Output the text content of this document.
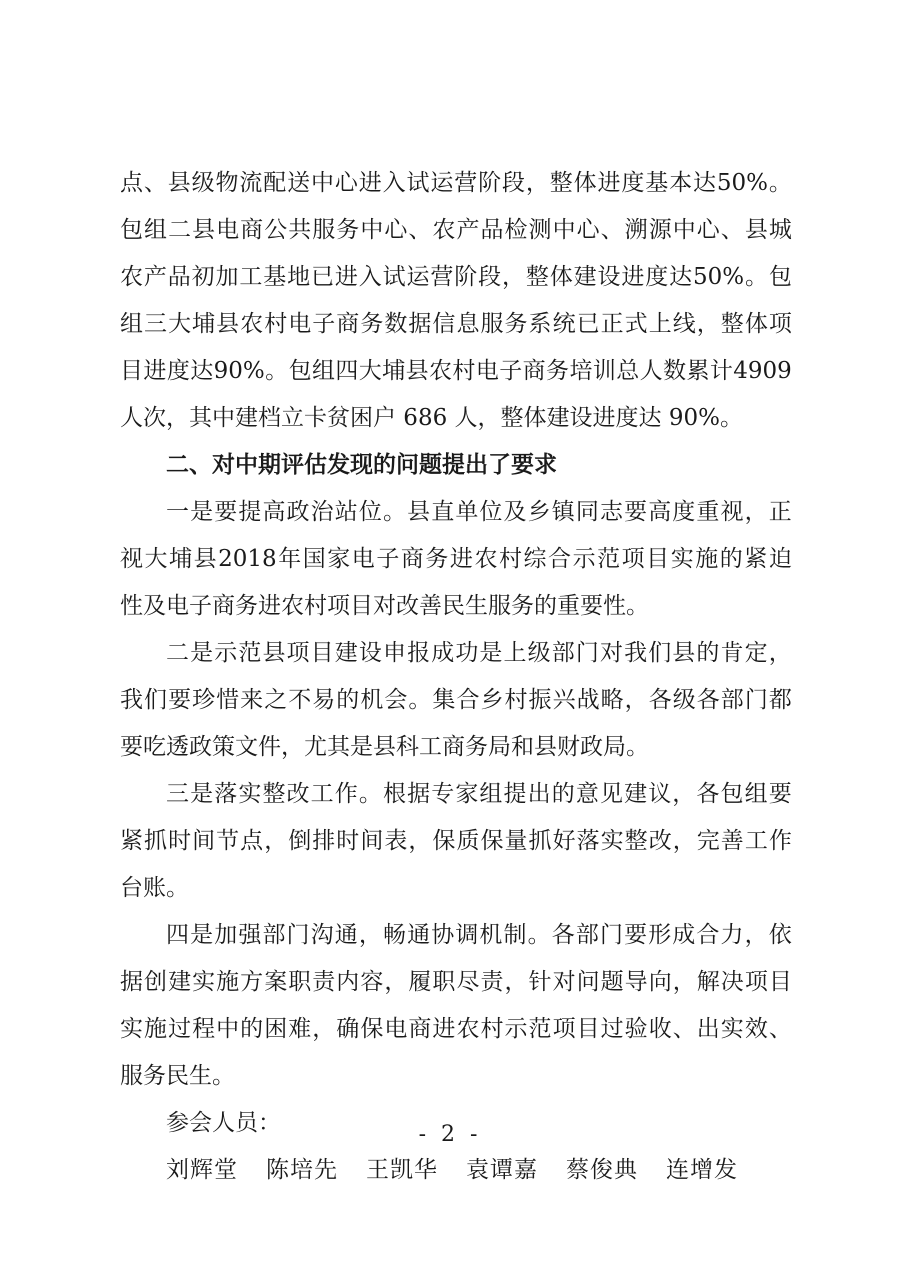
点 、 县 级 物 流 配 送 中 心 进 入 试 运 营 阶 段 ， 整 体 进 度 基 本 达 50% 。
包 组 二 县 电 商 公 共 服 务 中 心 、 农 产 品 检 测 中 心 、 溯 源 中 心 、 县 城
农 产 品 初 加 工 基 地 已 进 入 试 运 营 阶 段 ， 整 体 建 设 进 度 达 50% 。 包
组 三 大 埔 县 农 村 电 子 商 务 数 据 信 息 服 务 系 统 已 正 式 上 线 ， 整 体 项
目 进 度 达 90% 。 包 组 四 大 埔 县 农 村 电 子 商 务 培 训 总 人 数 累 计 4909
人次，其中建档立卡贫困户 686 人，整体建设进度达 90%。
二、对中期评估发现的问题提出了要求
一 是 要 提 高 政 治 站 位 。 县 直 单 位 及 乡 镇 同 志 要 高 度 重 视 ， 正
视 大 埔 县 2018 年 国 家 电 子 商 务 进 农 村 综 合 示 范 项 目 实 施 的 紧 迫
性及电子商务进农村项目对改善民生服务的重要性。
二 是 示 范 县 项 目 建 设 申 报 成 功 是 上 级 部 门 对 我 们 县 的 肯 定 ，
我 们 要 珍 惜 来 之 不 易 的 机 会 。 集 合 乡 村 振 兴 战 略 ， 各 级 各 部 门 都
要吃透政策文件，尤其是县科工商务局和县财政局。
三 是 落 实 整 改 工 作 。 根 据 专 家 组 提 出 的 意 见 建 议 ， 各 包 组 要
紧 抓 时 间 节 点 ， 倒 排 时 间 表 ， 保 质 保 量 抓 好 落 实 整 改 ， 完 善 工 作
台账。
四 是 加 强 部 门 沟 通 ， 畅 通 协 调 机 制 。 各 部 门 要 形 成 合 力 ， 依
据 创 建 实 施 方 案 职 责 内 容 ， 履 职 尽 责 ， 针 对 问 题 导 向 ， 解 决 项 目
实 施 过 程 中 的 困 难 ， 确 保 电 商 进 农 村 示 范 项 目 过 验 收 、 出 实 效 、
服务民生。
参会人员：
刘辉堂 陈培先 王凯华 袁谭嘉 蔡俊典 连增发
- 2 -
